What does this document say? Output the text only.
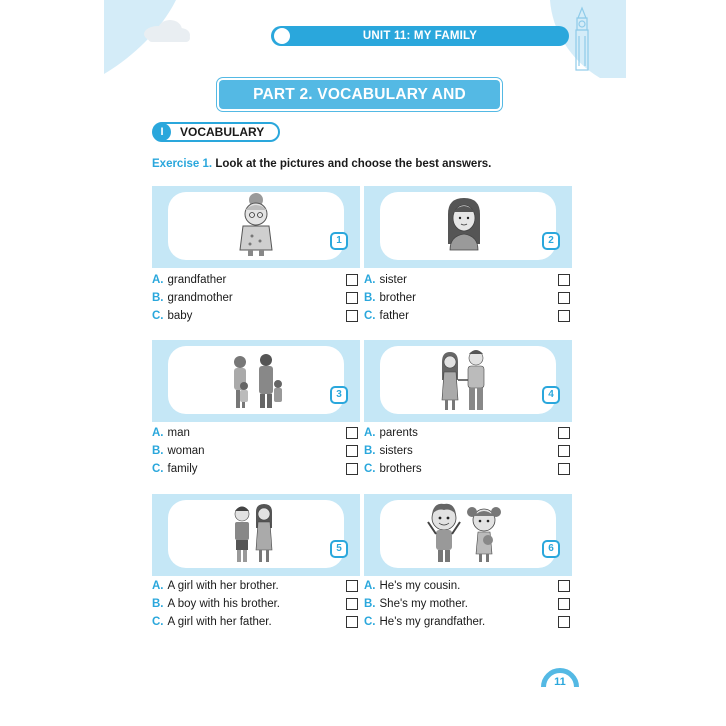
UNIT 11: MY FAMILY
PART 2. VOCABULARY AND GRAMMAR
I	VOCABULARY
Exercise 1. Look at the pictures and choose the best answers.
1
A. grandfather
B. grandmother
C. baby
2
A. sister
B. brother
C. father
3
A. man
B. woman
C. family
4
A. parents
B. sisters
C. brothers
5
A. A girl with her brother.
B. A boy with his brother.
C. A girl with her father.
6
A. He's my cousin.
B. She's my mother.
C. He's my grandfather.
11
